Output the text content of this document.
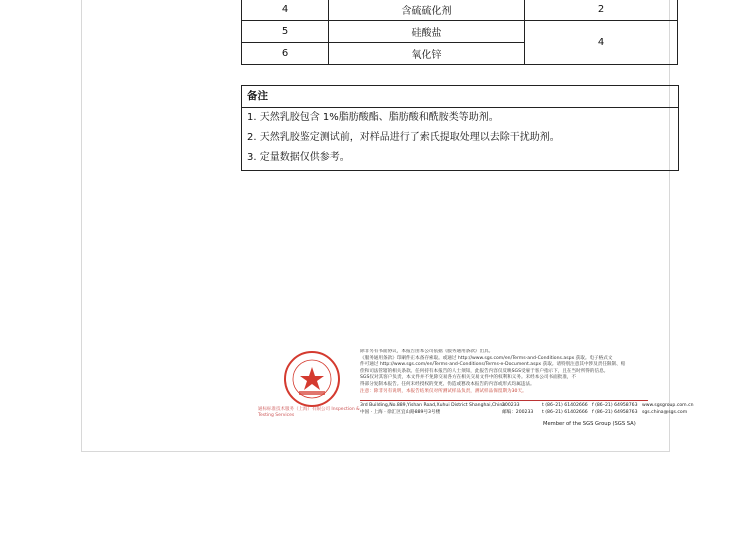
4	含硫硫化剂	2
5	硅酸盐	4
6	氧化锌	
备注
1. 天然乳胶包含 1%脂肪酸酯、脂肪酸和酰胺类等助剂。
2. 天然乳胶鉴定测试前，对样品进行了索氏提取处理以去除干扰助剂。
3. 定量数据仅供参考。
通标标准技术服务（上海）有限公司 Inspection & Testing Services
除非另有书面协议，本报告由本公司依据《服务通用条款》出具。
《服务通用条款》印刷件正本备存索取。或通过 http://www.sgs.com/en/Terms-and-Conditions.aspx 获取。电子格式文
件可通过 http://www.sgs.com/en/Terms-and-Conditions/Terms-e-Document.aspx 获取。请特别注意其中涉及责任限制、赔
偿和司法管辖的相关条款。任何持有本报告的人士须知，此报告内容仅反映SGS受雇于客户指示下，且在当时所得的信息。
SGS仅对其客户负责，本文件并不免除交易各方在相关交易文件中的权利和义务。未经本公司书面批准，不
得部分复制本报告。任何未经授权的变更、伪造或篡改本报告的内容或形式均属违法。
注意：除非另有说明，本报告结果仅对所测试样品负责，测试样品保留期为30天。
3rd Building,No.889,Yishan Road,Xuhui District Shanghai,China200233	t (86–21) 61402666 f (86–21) 64958763 www.sgsgroup.com.cn
中国 · 上海 · 徐汇区宜山路889号3号楼	邮编：200233 t (86–21) 61402666 f (86–21) 64958763 sgs.china@sgs.com
Member of the SGS Group (SGS SA)
